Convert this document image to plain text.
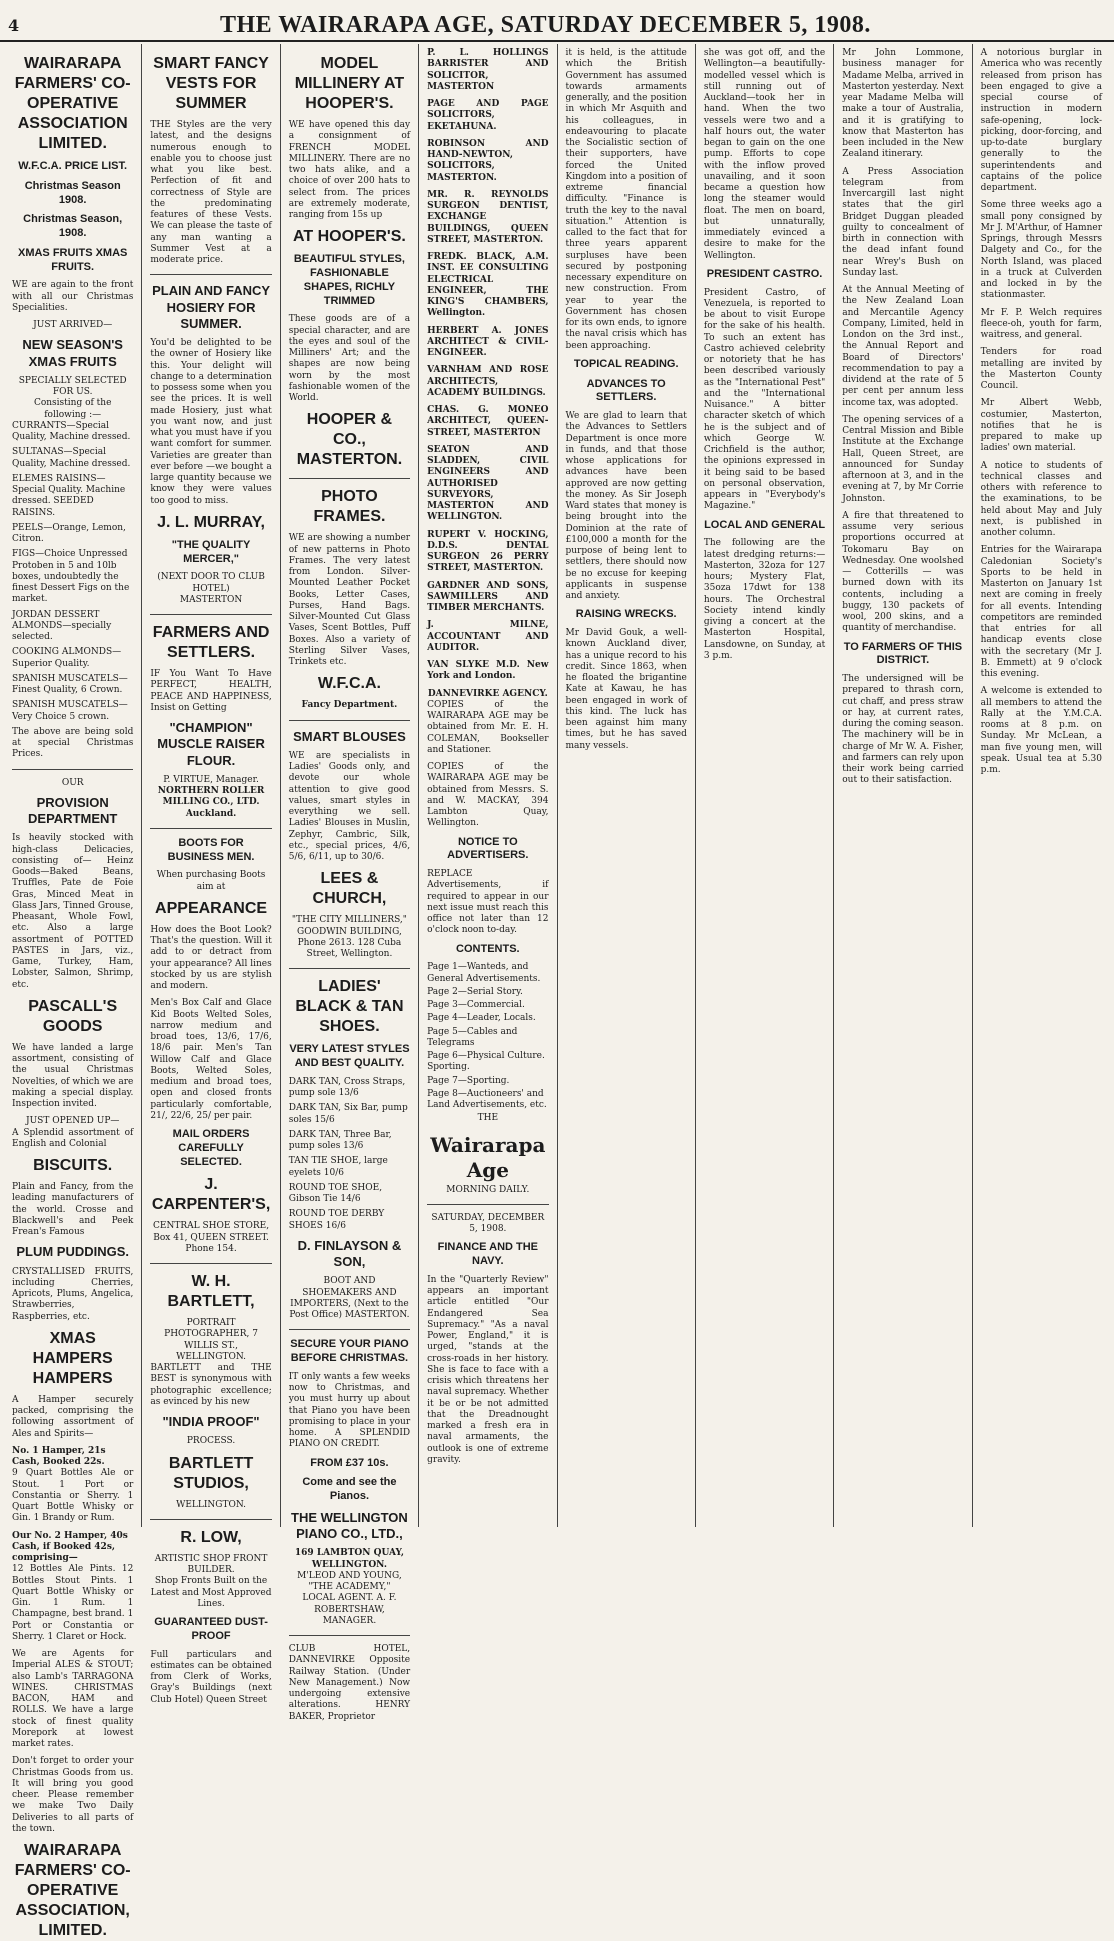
4	THE WAIRARAPA AGE, SATURDAY DECEMBER 5, 1908.
WAIRARAPA FARMERS' CO-OPERATIVE ASSOCIATION LIMITED.
W.F.C.A. PRICE LIST.
Christmas Season 1908.
Christmas Season, 1908.
XMAS FRUITS XMAS FRUITS.

WE are again to the front with all our Christmas Specialities.

JUST ARRIVED—
NEW SEASON'S XMAS FRUITS
SPECIALLY SELECTED FOR US.
Consisting of the following :—
CURRANTS—Special Quality, Machine dressed.
SULTANAS—Special Quality, Machine dressed.
ELEMES RAISINS—Special Quality. Machine dressed. SEEDED RAISINS.
PEELS—Orange, Lemon, Citron.
FIGS—Choice Unpressed Protoben in 5 and 10lb boxes, undoubtedly the finest Dessert Figs on the market.
JORDAN DESSERT ALMONDS—specially selected.
COOKING ALMONDS—Superior Quality.
SPANISH MUSCATELS—Finest Quality, 6 Crown.
SPANISH MUSCATELS—Very Choice 5 crown.

The above are being sold at special Christmas Prices.

OUR
PROVISION DEPARTMENT

Is heavily stocked with high-class Delicacies, consisting of— Heinz Goods—Baked Beans, Truffles, Pate de Foie Gras, Minced Meat in Glass Jars, Tinned Grouse, Pheasant, Whole Fowl, etc. Also a large assortment of POTTED PASTES in Jars, viz., Game, Turkey, Ham, Lobster, Salmon, Shrimp, etc.

PASCALL'S GOODS

We have landed a large assortment, consisting of the usual Christmas Novelties, of which we are making a special display. Inspection invited.

JUST OPENED UP—

A Splendid assortment of English and Colonial

BISCUITS.

Plain and Fancy, from the leading manufacturers of the world. Crosse and Blackwell's and Peek Frean's Famous

PLUM PUDDINGS.

CRYSTALLISED FRUITS, including Cherries, Apricots, Plums, Angelica, Strawberries, Raspberries, etc.

XMAS HAMPERS HAMPERS

A Hamper securely packed, comprising the following assortment of Ales and Spirits—

No. 1 Hamper, 21s Cash, Booked 22s.

9 Quart Bottles Ale or Stout. 1 Port or Constantia or Sherry. 1 Quart Bottle Whisky or Gin. 1 Brandy or Rum.

Our No. 2 Hamper, 40s Cash, if Booked 42s, comprising—

12 Bottles Ale Pints. 12 Bottles Stout Pints. 1 Quart Bottle Whisky or Gin. 1 Rum. 1 Champagne, best brand. 1 Port or Constantia or Sherry. 1 Claret or Hock.

We are Agents for Imperial ALES & STOUT; also Lamb's TARRAGONA WINES. CHRISTMAS BACON, HAM and ROLLS. We have a large stock of finest quality Morepork at lowest market rates.

Don't forget to order your Christmas Goods from us. It will bring you good cheer. Please remember we make Two Daily Deliveries to all parts of the town.

WAIRARAPA FARMERS' CO-OPERATIVE ASSOCIATION, LIMITED.
SMART FANCY VESTS FOR SUMMER

THE Styles are the very latest, and the designs numerous enough to enable you to choose just what you like best. Perfection of fit and correctness of Style are the predominating features of these Vests. We can please the taste of any man wanting a Summer Vest at a moderate price.

PLAIN AND FANCY HOSIERY FOR SUMMER.

You'd be delighted to be the owner of Hosiery like this. Your delight will change to a determination to possess some when you see the prices. It is well made Hosiery, just what you want now, and just what you must have if you want comfort for summer. Varieties are greater than ever before —we bought a large quantity because we know they were values too good to miss.

J. L. MURRAY,
"THE QUALITY MERCER,"
(NEXT DOOR TO CLUB HOTEL)
MASTERTON
FARMERS AND SETTLERS.

IF You Want To Have PERFECT, HEALTH, PEACE AND HAPPINESS, Insist on Getting

"CHAMPION" MUSCLE RAISER FLOUR.
P. VIRTUE, Manager.
NORTHERN ROLLER MILLING CO., LTD. Auckland.
BOOTS FOR BUSINESS MEN.
When purchasing Boots aim at
APPEARANCE

How does the Boot Look? That's the question. Will it add to or detract from your appearance? All lines stocked by us are stylish and modern.

Men's Box Calf and Glace Kid Boots Welted Soles, narrow medium and broad toes, 13/6, 17/6, 18/6 pair. Men's Tan Willow Calf and Glace Boots, Welted Soles, medium and broad toes, open and closed fronts particularly comfortable, 21/, 22/6, 25/ per pair.

MAIL ORDERS CAREFULLY SELECTED.
J. CARPENTER'S,
CENTRAL SHOE STORE, Box 41, QUEEN STREET. Phone 154.
W. H. BARTLETT,
PORTRAIT PHOTOGRAPHER, 7 WILLIS ST., WELLINGTON.

BARTLETT and THE BEST is synonymous with photographic excellence; as evinced by his new

"INDIA PROOF"
PROCESS.
BARTLETT STUDIOS,
WELLINGTON.
R. LOW,
ARTISTIC SHOP FRONT BUILDER.
Shop Fronts Built on the Latest and Most Approved Lines.
GUARANTEED DUST-PROOF

Full particulars and estimates can be obtained from Clerk of Works, Gray's Buildings (next Club Hotel) Queen Street

MODEL MILLINERY AT HOOPER'S.

WE have opened this day a consignment of FRENCH MODEL MILLINERY. There are no two hats alike, and a choice of over 200 hats to select from. The prices are extremely moderate, ranging from 15s up

AT HOOPER'S.
BEAUTIFUL STYLES, FASHIONABLE SHAPES, RICHLY TRIMMED

These goods are of a special character, and are the eyes and soul of the Milliners' Art; and the shapes are now being worn by the most fashionable women of the World.

HOOPER & CO., MASTERTON.
PHOTO FRAMES.

WE are showing a number of new patterns in Photo Frames. The very latest from London. Silver-Mounted Leather Pocket Books, Letter Cases, Purses, Hand Bags. Silver-Mounted Cut Glass Vases, Scent Bottles, Puff Boxes. Also a variety of Sterling Silver Vases, Trinkets etc.

W.F.C.A.
Fancy Department.
SMART BLOUSES

WE are specialists in Ladies' Goods only, and devote our whole attention to give good values, smart styles in everything we sell. Ladies' Blouses in Muslin, Zephyr, Cambric, Silk, etc., special prices, 4/6, 5/6, 6/11, up to 30/6.

LEES & CHURCH,
"THE CITY MILLINERS," GOODWIN BUILDING, Phone 2613. 128 Cuba Street, Wellington.
LADIES' BLACK & TAN SHOES.
VERY LATEST STYLES AND BEST QUALITY.
DARK TAN, Cross Straps, pump sole 13/6
DARK TAN, Six Bar, pump soles 15/6
DARK TAN, Three Bar, pump soles 13/6
TAN TIE SHOE, large eyelets 10/6
ROUND TOE SHOE, Gibson Tie 14/6
ROUND TOE DERBY SHOES 16/6
D. FINLAYSON & SON,
BOOT AND SHOEMAKERS AND IMPORTERS, (Next to the Post Office) MASTERTON.
SECURE YOUR PIANO BEFORE CHRISTMAS.

IT only wants a few weeks now to Christmas, and you must hurry up about that Piano you have been promising to place in your home. A SPLENDID PIANO ON CREDIT.

FROM £37 10s.
Come and see the Pianos.
THE WELLINGTON PIANO CO., LTD.,
169 LAMBTON QUAY, WELLINGTON.
M'LEOD AND YOUNG, "THE ACADEMY,"
LOCAL AGENT. A. F. ROBERTSHAW, MANAGER.

CLUB HOTEL, DANNEVIRKE Opposite Railway Station. (Under New Management.) Now undergoing extensive alterations. HENRY BAKER, Proprietor

P. L. HOLLINGS BARRISTER AND SOLICITOR, MASTERTON

PAGE AND PAGE SOLICITORS, EKETAHUNA.

ROBINSON AND HAND-NEWTON, SOLICITORS, MASTERTON.

MR. R. REYNOLDS SURGEON DENTIST, EXCHANGE BUILDINGS, QUEEN STREET, MASTERTON.

FREDK. BLACK, A.M. INST. EE CONSULTING ELECTRICAL ENGINEER, THE KING'S CHAMBERS, Wellington.

HERBERT A. JONES ARCHITECT & CIVIL-ENGINEER.

VARNHAM AND ROSE ARCHITECTS, ACADEMY BUILDINGS.

CHAS. G. MONEO ARCHITECT, QUEEN-STREET, MASTERTON

SEATON AND SLADDEN, CIVIL ENGINEERS AND AUTHORISED SURVEYORS, MASTERTON AND WELLINGTON.

RUPERT V. HOCKING, D.D.S. DENTAL SURGEON 26 PERRY STREET, MASTERTON.

GARDNER AND SONS, SAWMILLERS AND TIMBER MERCHANTS.

J. MILNE, ACCOUNTANT AND AUDITOR.

VAN SLYKE M.D. New York and London.

DANNEVIRKE AGENCY.

COPIES of the WAIRARAPA AGE may be obtained from Mr. E. H. COLEMAN, Bookseller and Stationer.

COPIES of the WAIRARAPA AGE may be obtained from Messrs. S. and W. MACKAY, 394 Lambton Quay, Wellington.

NOTICE TO ADVERTISERS.

REPLACE Advertisements, if required to appear in our next issue must reach this office not later than 12 o'clock noon to-day.

CONTENTS.
Page 1—Wanteds, and General Advertisements.
Page 2—Serial Story.
Page 3—Commercial.
Page 4—Leader, Locals.
Page 5—Cables and Telegrams
Page 6—Physical Culture. Sporting.
Page 7—Sporting.
Page 8—Auctioneers' and Land Advertisements, etc.
THE
Wairarapa Age
MORNING DAILY.
SATURDAY, DECEMBER 5, 1908.
FINANCE AND THE NAVY.

In the "Quarterly Review" appears an important article entitled "Our Endangered Sea Supremacy." "As a naval Power, England," it is urged, "stands at the cross-roads in her history. She is face to face with a crisis which threatens her naval supremacy. Whether it be or be not admitted that the Dreadnought marked a fresh era in naval armaments, the outlook is one of extreme gravity.

it is held, is the attitude which the British Government has assumed towards armaments generally, and the position in which Mr Asquith and his colleagues, in endeavouring to placate the Socialistic section of their supporters, have forced the United Kingdom into a position of extreme financial difficulty. "Finance is truth the key to the naval situation." Attention is called to the fact that for three years apparent surpluses have been secured by postponing necessary expenditure on new construction. From year to year the Government has chosen for its own ends, to ignore the naval crisis which has been approaching.

TOPICAL READING.
ADVANCES TO SETTLERS.

We are glad to learn that the Advances to Settlers Department is once more in funds, and that those whose applications for advances have been approved are now getting the money. As Sir Joseph Ward states that money is being brought into the Dominion at the rate of £100,000 a month for the purpose of being lent to settlers, there should now be no excuse for keeping applicants in suspense and anxiety.

RAISING WRECKS.

Mr David Gouk, a well-known Auckland diver, has a unique record to his credit. Since 1863, when he floated the brigantine Kate at Kawau, he has been engaged in work of this kind. The luck has been against him many times, but he has saved many vessels.

she was got off, and the Wellington—a beautifully-modelled vessel which is still running out of Auckland—took her in hand. When the two vessels were two and a half hours out, the water began to gain on the one pump. Efforts to cope with the inflow proved unavailing, and it soon became a question how long the steamer would float. The men on board, but unnaturally, immediately evinced a desire to make for the Wellington.

PRESIDENT CASTRO.

President Castro, of Venezuela, is reported to be about to visit Europe for the sake of his health. To such an extent has Castro achieved celebrity or notoriety that he has been described variously as the "International Pest" and the "International Nuisance." A bitter character sketch of which he is the subject and of which George W. Crichfield is the author, the opinions expressed in it being said to be based on personal observation, appears in "Everybody's Magazine."

LOCAL AND GENERAL

The following are the latest dredging returns:—Masterton, 32oza for 127 hours; Mystery Flat, 35oza 17dwt for 138 hours. The Orchestral Society intend kindly giving a concert at the Masterton Hospital, Lansdowne, on Sunday, at 3 p.m.

Mr John Lommone, business manager for Madame Melba, arrived in Masterton yesterday. Next year Madame Melba will make a tour of Australia, and it is gratifying to know that Masterton has been included in the New Zealand itinerary.

A Press Association telegram from Invercargill last night states that the girl Bridget Duggan pleaded guilty to concealment of birth in connection with the dead infant found near Wrey's Bush on Sunday last.

At the Annual Meeting of the New Zealand Loan and Mercantile Agency Company, Limited, held in London on the 3rd inst., the Annual Report and Board of Directors' recommendation to pay a dividend at the rate of 5 per cent per annum less income tax, was adopted.

The opening services of a Central Mission and Bible Institute at the Exchange Hall, Queen Street, are announced for Sunday afternoon at 3, and in the evening at 7, by Mr Corrie Johnston.

A fire that threatened to assume very serious proportions occurred at Tokomaru Bay on Wednesday. One woolshed — Cotterills — was burned down with its contents, including a buggy, 130 packets of wool, 200 skins, and a quantity of merchandise.

TO FARMERS OF THIS DISTRICT.

The undersigned will be prepared to thrash corn, cut chaff, and press straw or hay, at current rates, during the coming season. The machinery will be in charge of Mr W. A. Fisher, and farmers can rely upon their work being carried out to their satisfaction.

A notorious burglar in America who was recently released from prison has been engaged to give a special course of instruction in modern safe-opening, lock-picking, door-forcing, and up-to-date burglary generally to the superintendents and captains of the police department.

Some three weeks ago a small pony consigned by Mr J. M'Arthur, of Hamner Springs, through Messrs Dalgety and Co., for the North Island, was placed in a truck at Culverden and locked in by the stationmaster.

Mr F. P. Welch requires fleece-oh, youth for farm, waitress, and general.

Tenders for road metalling are invited by the Masterton County Council.

Mr Albert Webb, costumier, Masterton, notifies that he is prepared to make up ladies' own material.

A notice to students of technical classes and others with reference to the examinations, to be held about May and July next, is published in another column.

Entries for the Wairarapa Caledonian Society's Sports to be held in Masterton on January 1st next are coming in freely for all events. Intending competitors are reminded that entries for all handicap events close with the secretary (Mr J. B. Emmett) at 9 o'clock this evening.

A welcome is extended to all members to attend the Rally at the Y.M.C.A. rooms at 8 p.m. on Sunday. Mr McLean, a man five young men, will speak. Usual tea at 5.30 p.m.
